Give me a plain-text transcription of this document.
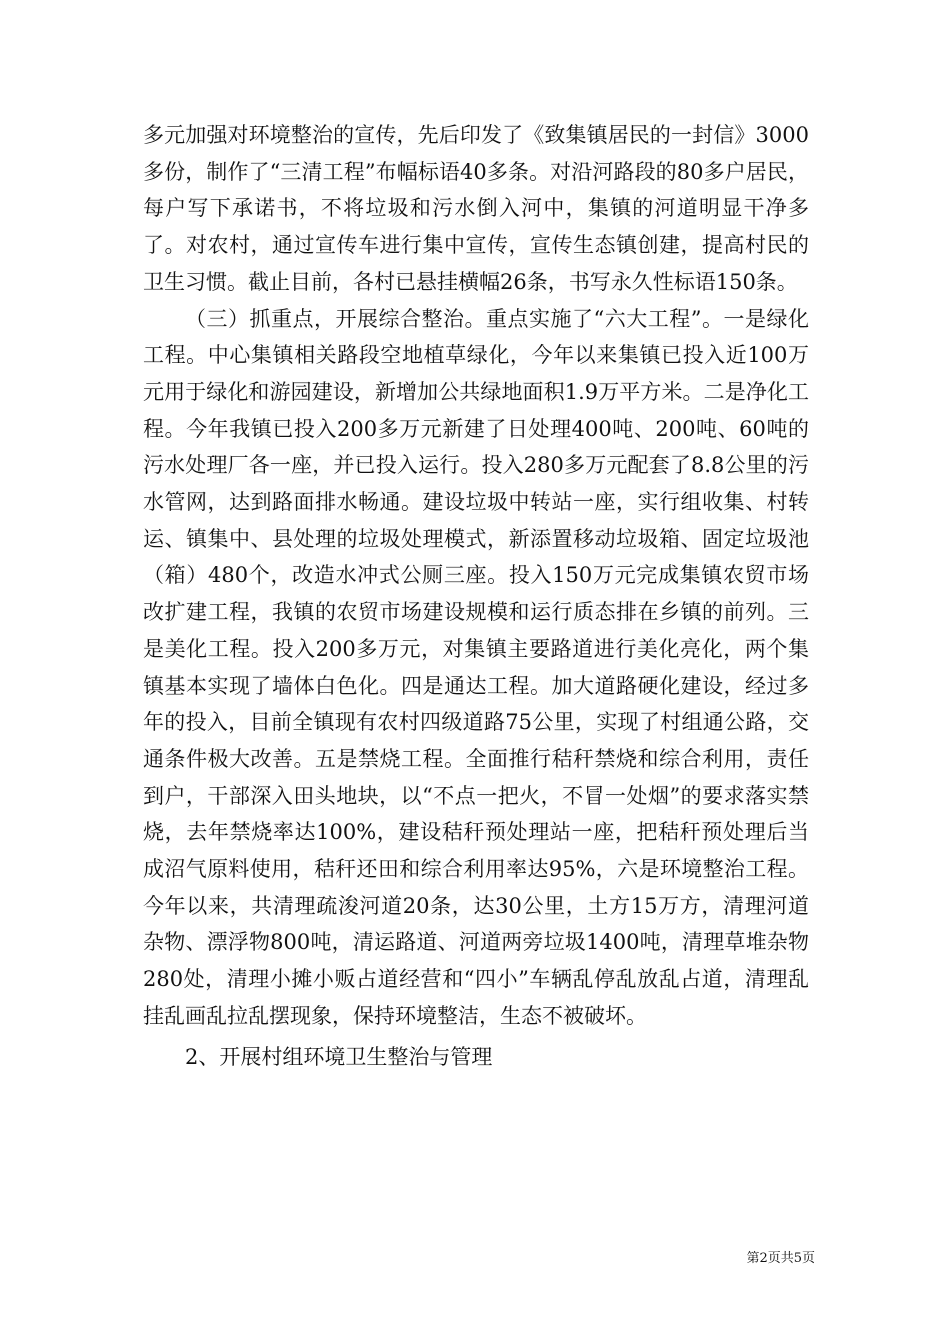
多元加强对环境整治的宣传，先后印发了《致集镇居民的一封信》3000多份，制作了“三清工程”布幅标语40多条。对沿河路段的80多户居民，每户写下承诺书，不将垃圾和污水倒入河中，集镇的河道明显干净多了。对农村，通过宣传车进行集中宣传，宣传生态镇创建，提高村民的卫生习惯。截止目前，各村已悬挂横幅26条，书写永久性标语150条。

（三）抓重点，开展综合整治。重点实施了“六大工程”。一是绿化工程。中心集镇相关路段空地植草绿化，今年以来集镇已投入近100万元用于绿化和游园建设，新增加公共绿地面积1.9万平方米。二是净化工程。今年我镇已投入200多万元新建了日处理400吨、200吨、60吨的污水处理厂各一座，并已投入运行。投入280多万元配套了8.8公里的污水管网，达到路面排水畅通。建设垃圾中转站一座，实行组收集、村转运、镇集中、县处理的垃圾处理模式，新添置移动垃圾箱、固定垃圾池（箱）480个，改造水冲式公厕三座。投入150万元完成集镇农贸市场改扩建工程，我镇的农贸市场建设规模和运行质态排在乡镇的前列。三是美化工程。投入200多万元，对集镇主要路道进行美化亮化，两个集镇基本实现了墙体白色化。四是通达工程。加大道路硬化建设，经过多年的投入，目前全镇现有农村四级道路75公里，实现了村组通公路，交通条件极大改善。五是禁烧工程。全面推行秸秆禁烧和综合利用，责任到户，干部深入田头地块，以“不点一把火，不冒一处烟”的要求落实禁烧，去年禁烧率达100%，建设秸秆预处理站一座，把秸秆预处理后当成沼气原料使用，秸秆还田和综合利用率达95%，六是环境整治工程。今年以来，共清理疏浚河道20条，达30公里，土方15万方，清理河道杂物、漂浮物800吨，清运路道、河道两旁垃圾1400吨，清理草堆杂物280处，清理小摊小贩占道经营和“四小”车辆乱停乱放乱占道，清理乱挂乱画乱拉乱摆现象，保持环境整洁，生态不被破坏。

2、开展村组环境卫生整治与管理

第2页共5页
